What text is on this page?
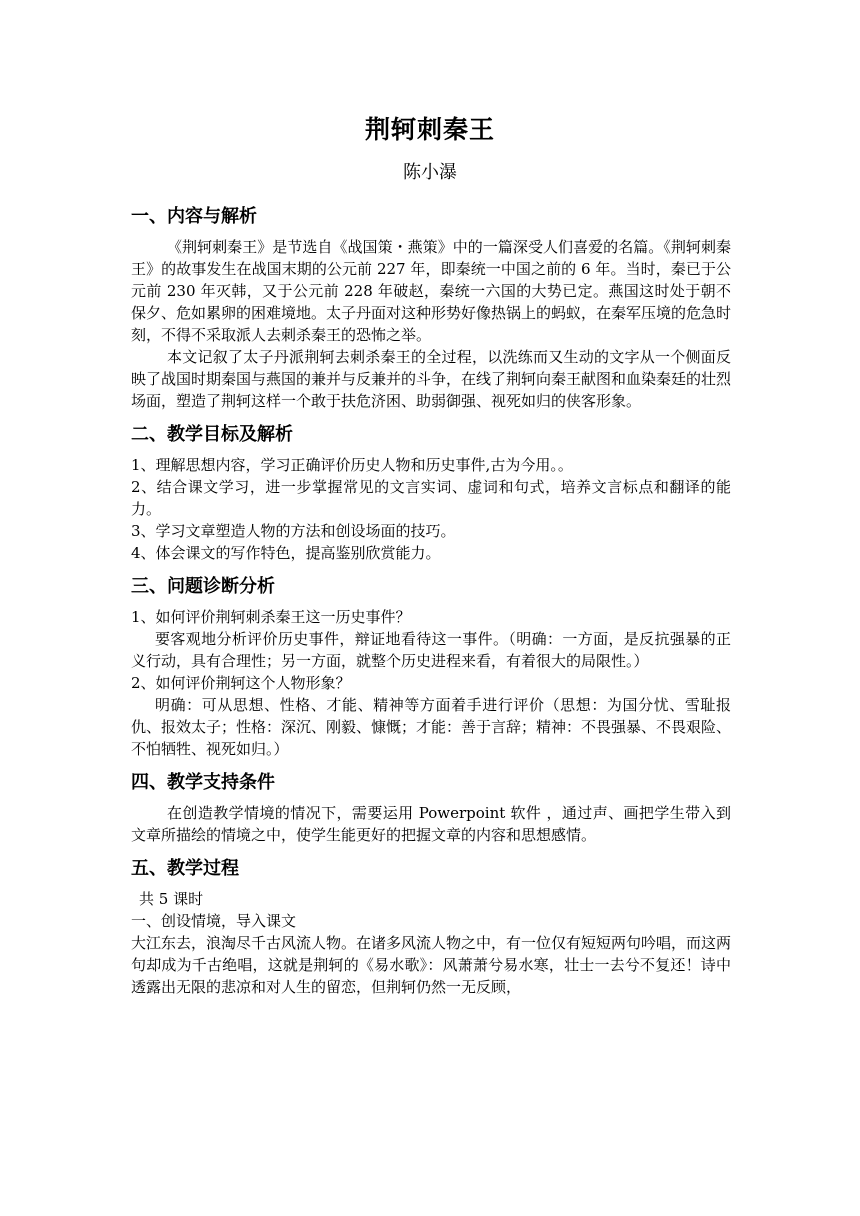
荆轲刺秦王
陈小瀑
一、内容与解析

《荆轲刺秦王》是节选自《战国策・燕策》中的一篇深受人们喜爱的名篇。《荆轲刺秦王》的故事发生在战国末期的公元前 227 年，即秦统一中国之前的 6 年。当时，秦已于公元前 230 年灭韩，又于公元前 228 年破赵，秦统一六国的大势已定。燕国这时处于朝不保夕、危如累卵的困难境地。太子丹面对这种形势好像热锅上的蚂蚁，在秦军压境的危急时刻，不得不采取派人去刺杀秦王的恐怖之举。

本文记叙了太子丹派荆轲去刺杀秦王的全过程，以洗练而又生动的文字从一个侧面反映了战国时期秦国与燕国的兼并与反兼并的斗争，在线了荆轲向秦王献图和血染秦廷的壮烈场面，塑造了荆轲这样一个敢于扶危济困、助弱御强、视死如归的侠客形象。

二、教学目标及解析

1、理解思想内容，学习正确评价历史人物和历史事件,古为今用。。

2、结合课文学习，进一步掌握常见的文言实词、虚词和句式，培养文言标点和翻译的能力。

3、学习文章塑造人物的方法和创设场面的技巧。

4、体会课文的写作特色，提高鉴别欣赏能力。

三、问题诊断分析

1、如何评价荆轲刺杀秦王这一历史事件？

要客观地分析评价历史事件，辩证地看待这一事件。（明确：一方面，是反抗强暴的正义行动，具有合理性；另一方面，就整个历史进程来看，有着很大的局限性。）

2、如何评价荆轲这个人物形象？

明确：可从思想、性格、才能、精神等方面着手进行评价（思想：为国分忧、雪耻报仇、报效太子；性格：深沉、刚毅、慷慨；才能：善于言辞；精神：不畏强暴、不畏艰险、不怕牺牲、视死如归。）

四、教学支持条件

在创造教学情境的情况下，需要运用 Powerpoint 软件 ，通过声、画把学生带入到文章所描绘的情境之中，使学生能更好的把握文章的内容和思想感情。

五、教学过程

共 5 课时

一、创设情境，导入课文

大江东去，浪淘尽千古风流人物。在诸多风流人物之中，有一位仅有短短两句吟唱，而这两句却成为千古绝唱，这就是荆轲的《易水歌》：风萧萧兮易水寒，壮士一去兮不复还！诗中透露出无限的悲凉和对人生的留恋，但荆轲仍然一无反顾，
